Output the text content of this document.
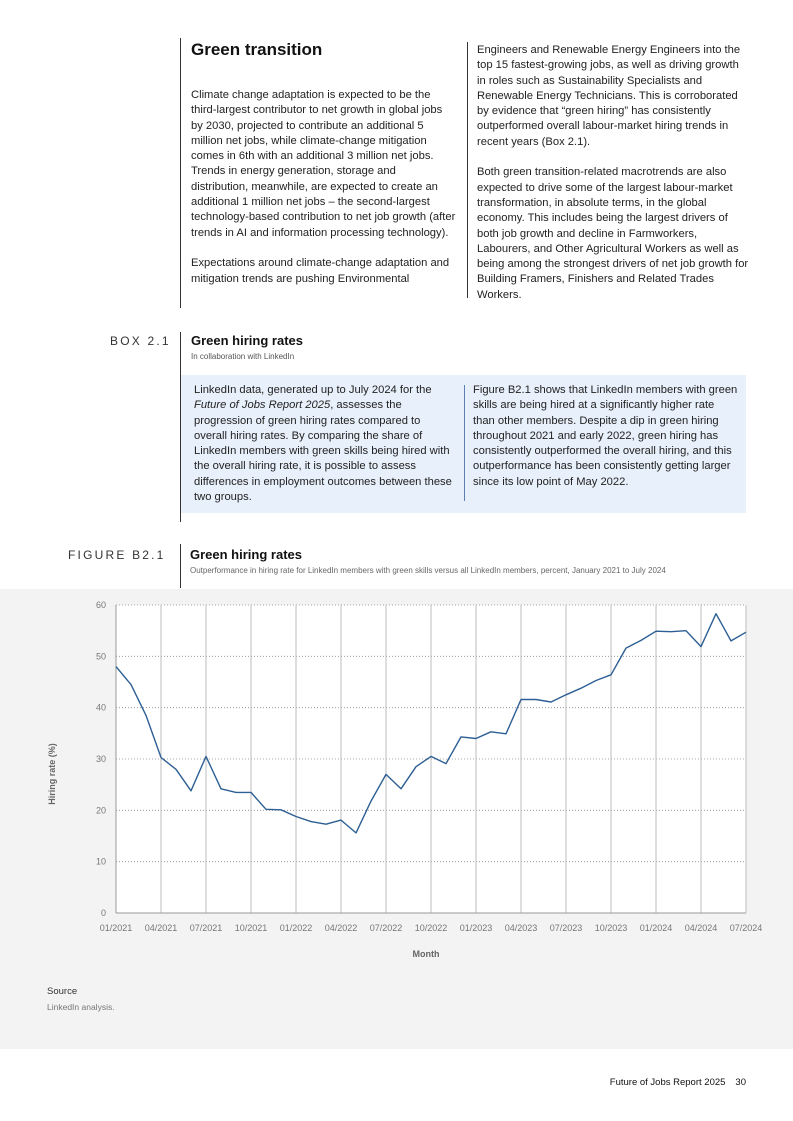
Green transition

Climate change adaptation is expected to be the third-largest contributor to net growth in global jobs by 2030, projected to contribute an additional 5 million net jobs, while climate-change mitigation comes in 6th with an additional 3 million net jobs. Trends in energy generation, storage and distribution, meanwhile, are expected to create an additional 1 million net jobs – the second-largest technology-based contribution to net job growth (after trends in AI and information processing technology).

Expectations around climate-change adaptation and mitigation trends are pushing Environmental

Engineers and Renewable Energy Engineers into the top 15 fastest-growing jobs, as well as driving growth in roles such as Sustainability Specialists and Renewable Energy Technicians. This is corroborated by evidence that “green hiring” has consistently outperformed overall labour-market hiring trends in recent years (Box 2.1).

Both green transition-related macrotrends are also expected to drive some of the largest labour-market transformation, in absolute terms, in the global economy. This includes being the largest drivers of both job growth and decline in Farmworkers, Labourers, and Other Agricultural Workers as well as being among the strongest drivers of net job growth for Building Framers, Finishers and Related Trades Workers.

BOX 2.1 Green hiring rates
In collaboration with LinkedIn
LinkedIn data, generated up to July 2024 for the Future of Jobs Report 2025, assesses the progression of green hiring rates compared to overall hiring rates. By comparing the share of LinkedIn members with green skills being hired with the overall hiring rate, it is possible to assess differences in employment outcomes between these two groups.
Figure B2.1 shows that LinkedIn members with green skills are being hired at a significantly higher rate than other members. Despite a dip in green hiring throughout 2021 and early 2022, green hiring has consistently outperformed the overall hiring, and this outperformance has been consistently getting larger since its low point of May 2022.
FIGURE B2.1 Green hiring rates
Outperformance in hiring rate for LinkedIn members with green skills versus all LinkedIn members, percent, January 2021 to July 2024
0
10
20
30
40
50
60
01/2021 04/2021 07/2021 10/2021 01/2022 04/2022 07/2022 10/2022 01/2023 04/2023 07/2023 10/2023 01/2024 04/2024 07/2024
Month
Hiring rate (%)
Source
LinkedIn analysis.
Future of Jobs Report 2025 30
